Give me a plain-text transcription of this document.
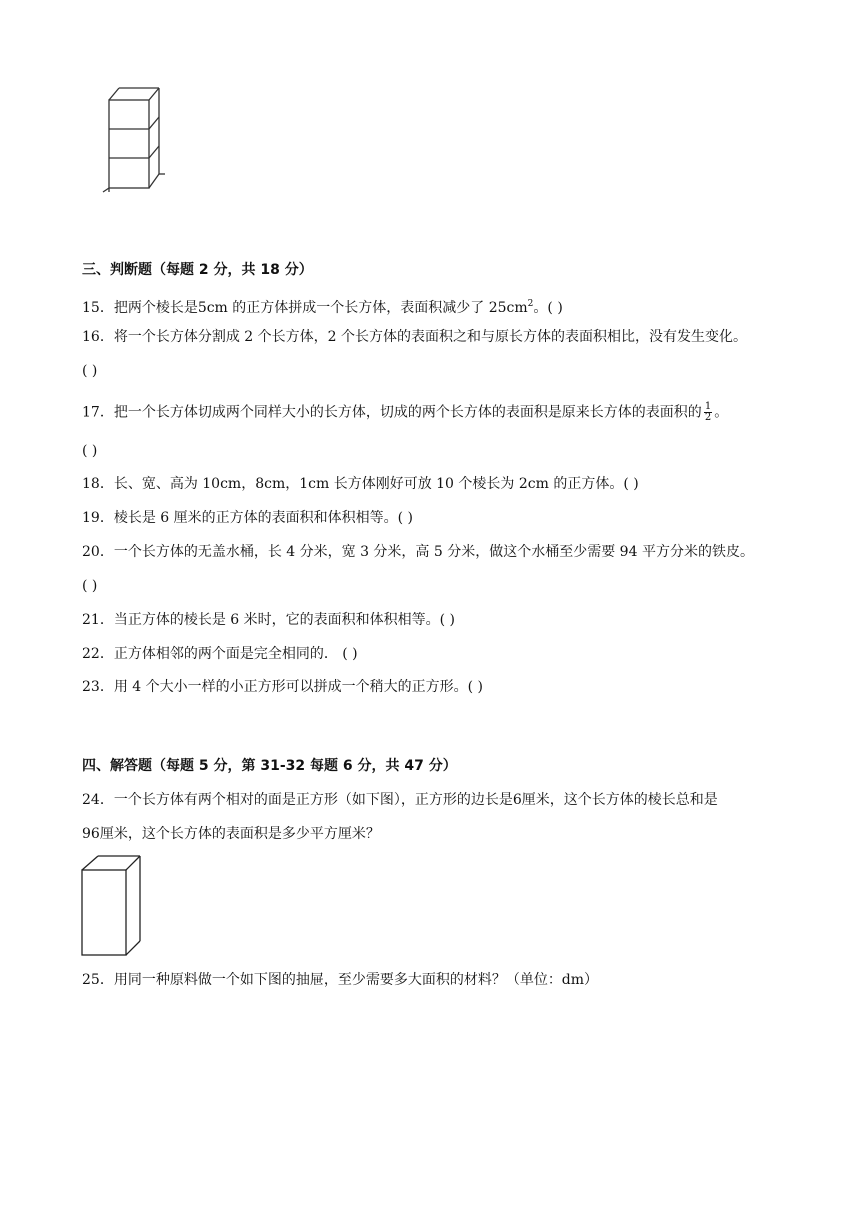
三、判断题（每题 2 分，共 18 分）
15．把两个棱长是5cm 的正方体拼成一个长方体，表面积减少了 $25cm^2$。( )
16．将一个长方体分割成 2 个长方体，2 个长方体的表面积之和与原长方体的表面积相比，没有发生变化。
( )
17．把一个长方体切成两个同样大小的长方体，切成的两个长方体的表面积是原来长方体的表面积的 $\frac{1}{2}$ 。
( )
18．长、宽、高为 10cm，8cm，1cm 长方体刚好可放 10 个棱长为 2cm 的正方体。( )
19．棱长是 6 厘米的正方体的表面积和体积相等。( )
20．一个长方体的无盖水桶，长 4 分米，宽 3 分米，高 5 分米，做这个水桶至少需要 94 平方分米的铁皮。
( )
21．当正方体的棱长是 6 米时，它的表面积和体积相等。( )
22．正方体相邻的两个面是完全相同的． ( )
23．用 4 个大小一样的小正方形可以拼成一个稍大的正方形。( )
四、解答题（每题 5 分，第 31-32 每题 6 分，共 47 分）
24．一个长方体有两个相对的面是正方形（如下图），正方形的边长是6厘米，这个长方体的棱长总和是
96厘米，这个长方体的表面积是多少平方厘米？
25．用同一种原料做一个如下图的抽屉，至少需要多大面积的材料？（单位：dm）
